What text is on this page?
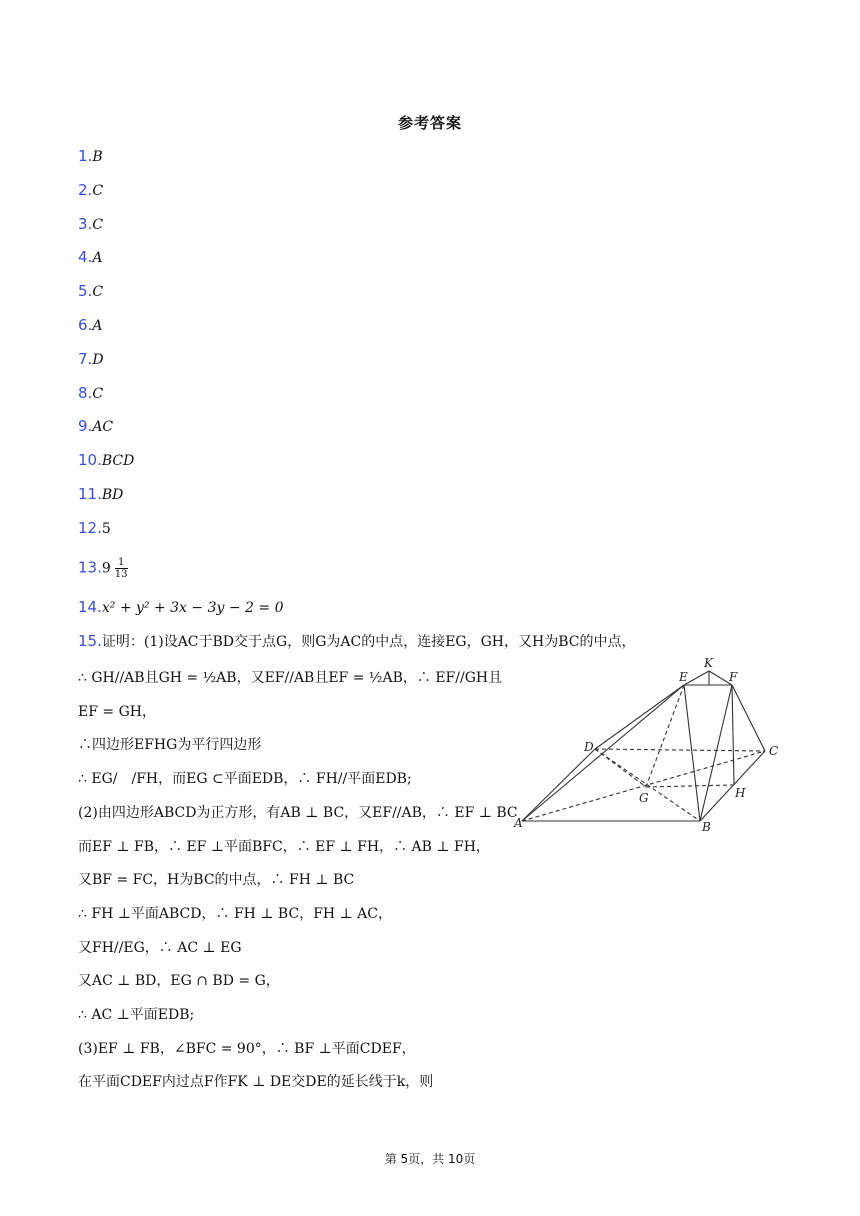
参考答案
1.B
2.C
3.C
4.A
5.C
6.A
7.D
8.C
9.AC
10.BCD
11.BD
12.5
$13.9 \frac{1}{13}$
14.x² + y² + 3x − 3y − 2 = 0
15.证明：(1)设AC于BD交于点G，则G为AC的中点，连接EG，GH，又H为BC的中点，
∴ GH//AB且GH = ½AB，又EF//AB且EF = ½AB，∴ EF//GH且
EF = GH，
∴四边形EFHG为平行四边形
∴ EG/　/FH，而EG ⊂平面EDB，∴ FH//平面EDB;
(2)由四边形ABCD为正方形，有AB ⊥ BC，又EF//AB，∴ EF ⊥ BC
而EF ⊥ FB，∴ EF ⊥平面BFC，∴ EF ⊥ FH，∴ AB ⊥ FH，
又BF = FC，H为BC的中点，∴ FH ⊥ BC
∴ FH ⊥平面ABCD，∴ FH ⊥ BC，FH ⊥ AC，
又FH//EG，∴ AC ⊥ EG
又AC ⊥ BD，EG ∩ BD = G，
∴ AC ⊥平面EDB;
(3)EF ⊥ FB，∠BFC = 90°，∴ BF ⊥平面CDEF，
在平面CDEF内过点F作FK ⊥ DE交DE的延长线于k，则
K
E	F
D	C
G	H
A	B
第 5页，共 10页
